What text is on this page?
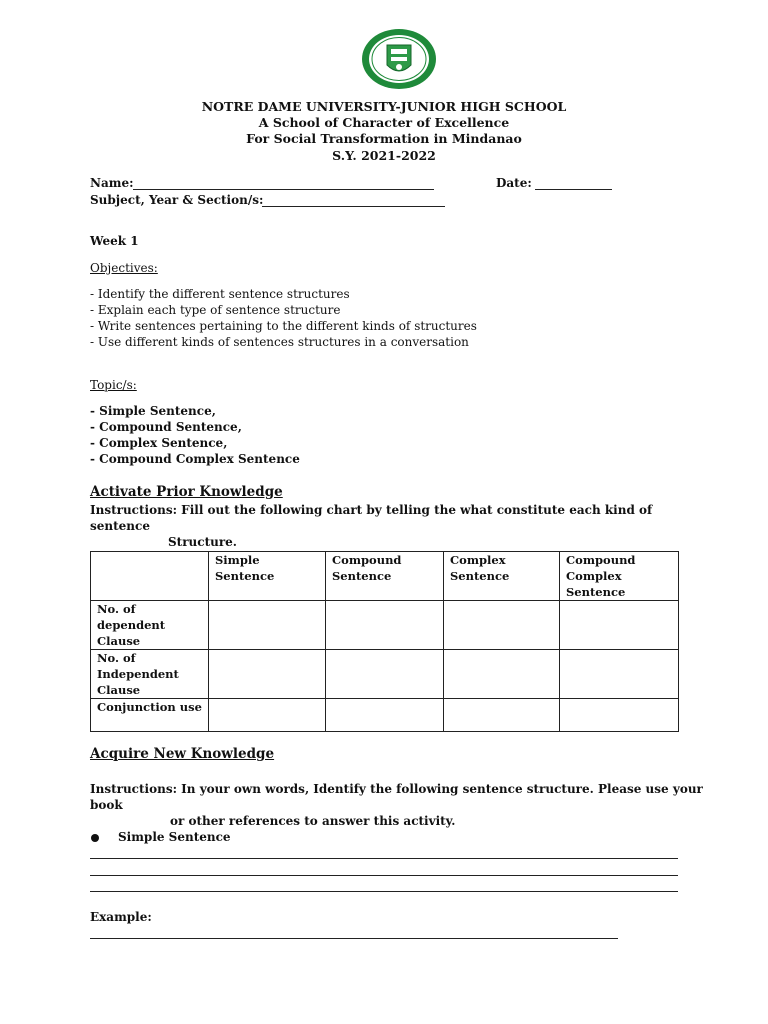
NOTRE DAME UNIVERSITY-JUNIOR HIGH SCHOOL
A School of Character of Excellence
For Social Transformation in Mindanao
S.Y. 2021-2022
Name:	Date:
Subject, Year & Section/s:
Week 1
Objectives:
- Identify the different sentence structures
- Explain each type of sentence structure
- Write sentences pertaining to the different kinds of structures
- Use different kinds of sentences structures in a conversation
Topic/s:
- Simple Sentence,
- Compound Sentence,
- Complex Sentence,
- Compound Complex Sentence
Activate Prior Knowledge
Instructions: Fill out the following chart by telling the what constitute each kind of
sentence
Structure.
	Simple Sentence	Compound Sentence	Complex Sentence	Compound Complex Sentence
No. of dependent Clause				
No. of Independent Clause				
Conjunction use				
Acquire New Knowledge
Instructions: In your own words, Identify the following sentence structure. Please use your
book
or other references to answer this activity.
Simple Sentence
Example:
